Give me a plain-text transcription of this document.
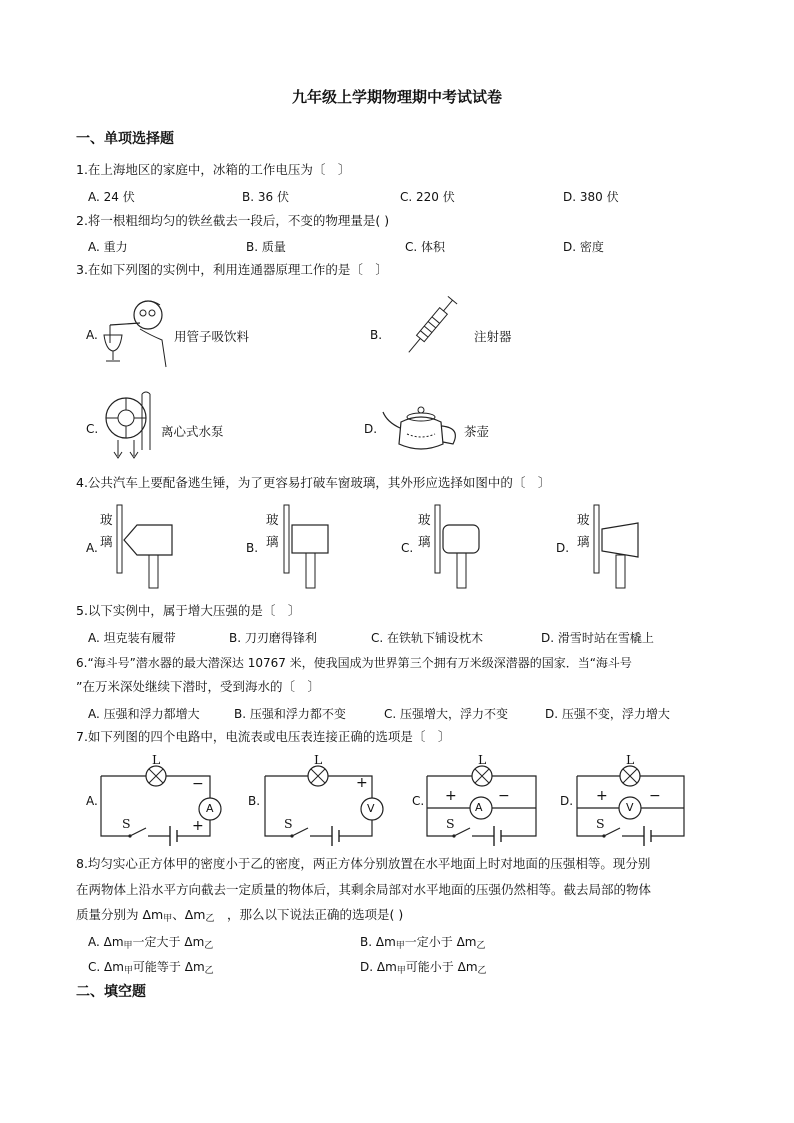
九年级上学期物理期中考试试卷
一、单项选择题
1.在上海地区的家庭中，冰箱的工作电压为〔　〕
A. 24 伏	B. 36 伏	C. 220 伏	D. 380 伏
2.将一根粗细均匀的铁丝截去一段后，不变的物理量是( )
A. 重力	B. 质量	C. 体积	D. 密度
3.在如下列图的实例中，利用连通器原理工作的是〔　〕
A.	用管子吸饮料	B.	注射器
C.	离心式水泵	D.	茶壶
4.公共汽车上要配备逃生锤，为了更容易打破车窗玻璃，其外形应选择如图中的〔　〕
A.
玻
璃	B.
玻
璃	C.
玻
璃	D.
玻
璃
5.以下实例中，属于增大压强的是〔　〕
A. 坦克装有履带	B. 刀刃磨得锋利	C. 在铁轨下铺设枕木	D. 滑雪时站在雪橇上
6.“海斗号”潜水器的最大潜深达 10767 米，使我国成为世界第三个拥有万米级深潜器的国家．当“海斗号
”在万米深处继续下潜时，受到海水的〔　〕
A. 压强和浮力都增大	B. 压强和浮力都不变	C. 压强增大，浮力不变	D. 压强不变，浮力增大
7.如下列图的四个电路中，电流表或电压表连接正确的选项是〔　〕
A.
L
A
−
+
S
B.
L
V
+
S
C.
L
A
+	−
S
D.
L
V
+	−
S
8.均匀实心正方体甲的密度小于乙的密度，两正方体分别放置在水平地面上时对地面的压强相等。现分别
在两物体上沿水平方向截去一定质量的物体后，其剩余局部对水平地面的压强仍然相等。截去局部的物体
质量分别为 $\Delta m_甲$、$\Delta m_乙$　，那么以下说法正确的选项是( )
A. $\Delta m_甲$一定大于 $\Delta m_乙$	B. $\Delta m_甲$一定小于 $\Delta m_乙$
C. $\Delta m_甲$可能等于 $\Delta m_乙$	D. $\Delta m_甲$可能小于 $\Delta m_乙$
二、填空题
